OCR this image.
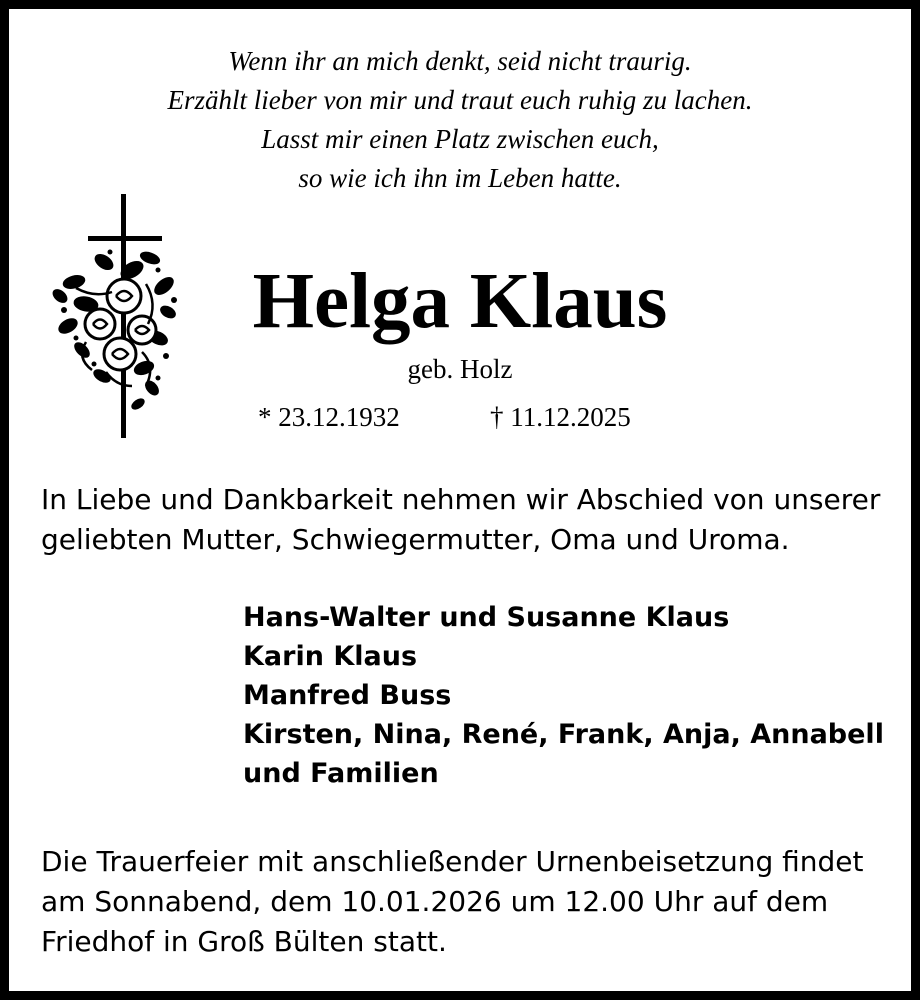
Wenn ihr an mich denkt, seid nicht traurig.
Erzählt lieber von mir und traut euch ruhig zu lachen.
Lasst mir einen Platz zwischen euch,
so wie ich ihn im Leben hatte.
Helga Klaus
geb. Holz
* 23.12.1932	† 11.12.2025
In Liebe und Dankbarkeit nehmen wir Abschied von unserer
geliebten Mutter, Schwiegermutter, Oma und Uroma.
Hans-Walter und Susanne Klaus
Karin Klaus
Manfred Buss
Kirsten, Nina, René, Frank, Anja, Annabell
und Familien
Die Trauerfeier mit anschließender Urnenbeisetzung findet
am Sonnabend, dem 10.01.2026 um 12.00 Uhr auf dem
Friedhof in Groß Bülten statt.
